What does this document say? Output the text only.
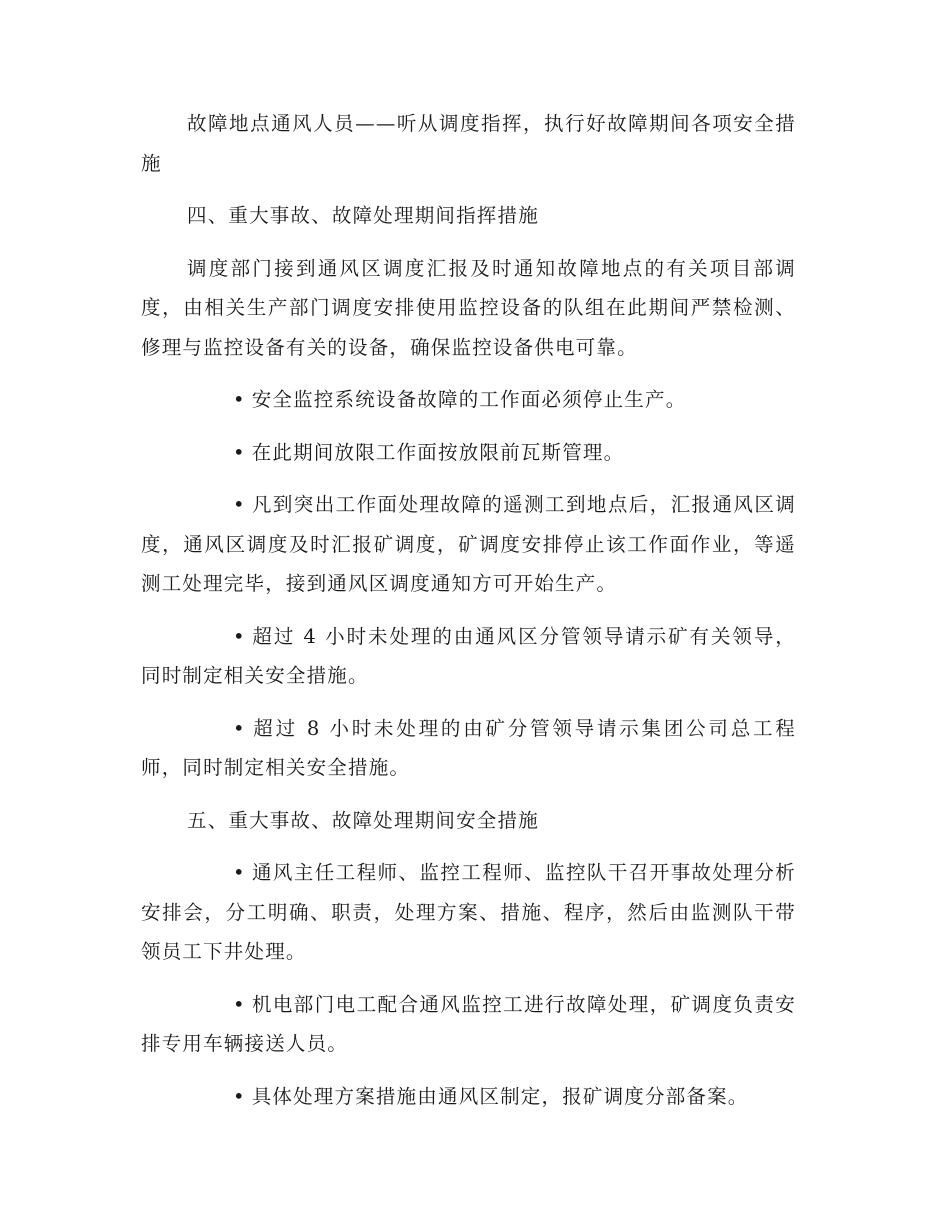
故障地点通风人员——听从调度指挥，执行好故障期间各项安全措施

四、重大事故、故障处理期间指挥措施

调度部门接到通风区调度汇报及时通知故障地点的有关项目部调度，由相关生产部门调度安排使用监控设备的队组在此期间严禁检测、修理与监控设备有关的设备，确保监控设备供电可靠。

• 安全监控系统设备故障的工作面必须停止生产。

• 在此期间放限工作面按放限前瓦斯管理。

• 凡到突出工作面处理故障的遥测工到地点后，汇报通风区调度，通风区调度及时汇报矿调度，矿调度安排停止该工作面作业，等遥测工处理完毕，接到通风区调度通知方可开始生产。

• 超过 4 小时未处理的由通风区分管领导请示矿有关领导，同时制定相关安全措施。

• 超过 8 小时未处理的由矿分管领导请示集团公司总工程师，同时制定相关安全措施。

五、重大事故、故障处理期间安全措施

• 通风主任工程师、监控工程师、监控队干召开事故处理分析安排会，分工明确、职责，处理方案、措施、程序，然后由监测队干带领员工下井处理。

• 机电部门电工配合通风监控工进行故障处理，矿调度负责安排专用车辆接送人员。

• 具体处理方案措施由通风区制定，报矿调度分部备案。
